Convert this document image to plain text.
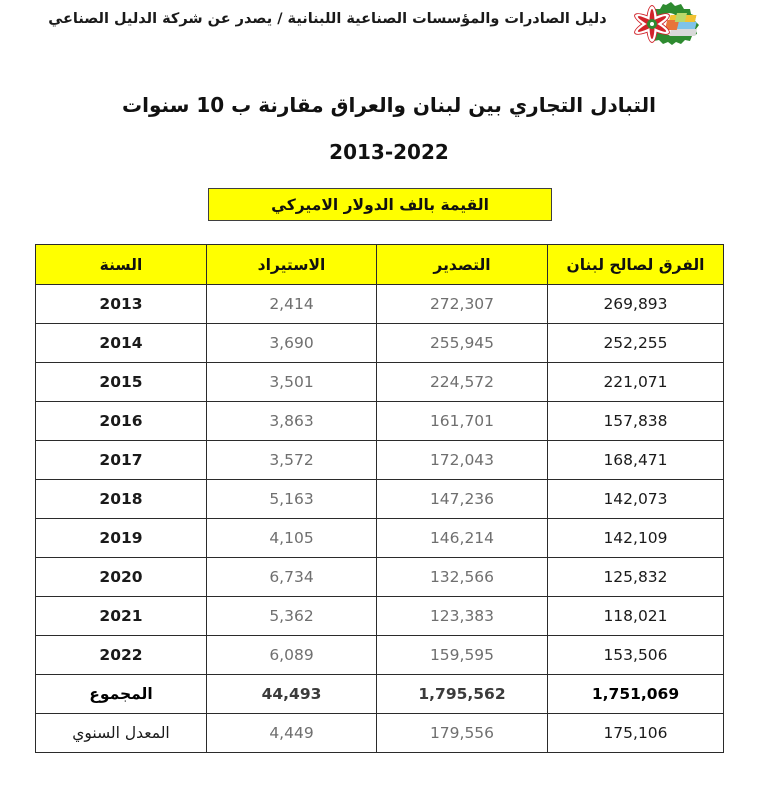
دليل الصادرات والمؤسسات الصناعية اللبنانية / يصدر عن شركة الدليل الصناعي
التبادل التجاري بين لبنان والعراق مقارنة ب 10 سنوات
2013-2022
القيمة بالف الدولار الاميركي
الفرق لصالح لبنان	التصدير	الاستيراد	السنة
269,893	272,307	2,414	2013
252,255	255,945	3,690	2014
221,071	224,572	3,501	2015
157,838	161,701	3,863	2016
168,471	172,043	3,572	2017
142,073	147,236	5,163	2018
142,109	146,214	4,105	2019
125,832	132,566	6,734	2020
118,021	123,383	5,362	2021
153,506	159,595	6,089	2022
1,751,069	1,795,562	44,493	المجموع
175,106	179,556	4,449	المعدل السنوي
